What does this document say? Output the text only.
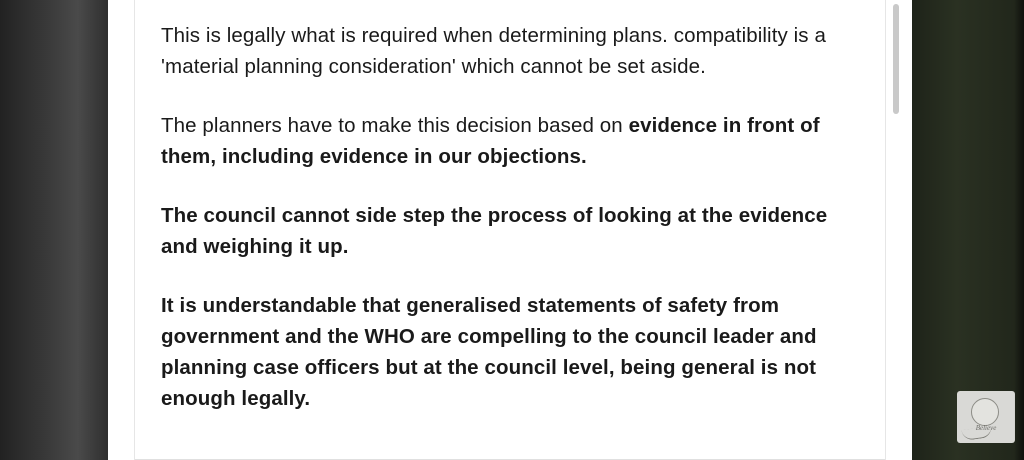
This is legally what is required when determining plans. compatibility is a 'material planning consideration' which cannot be set aside.

The planners have to make this decision based on evidence in front of them, including evidence in our objections.

The council cannot side step the process of looking at the evidence and weighing it up.

It is understandable that generalised statements of safety from government and the WHO are compelling to the council leader and planning case officers but at the council level, being general is not enough legally.

Believe
